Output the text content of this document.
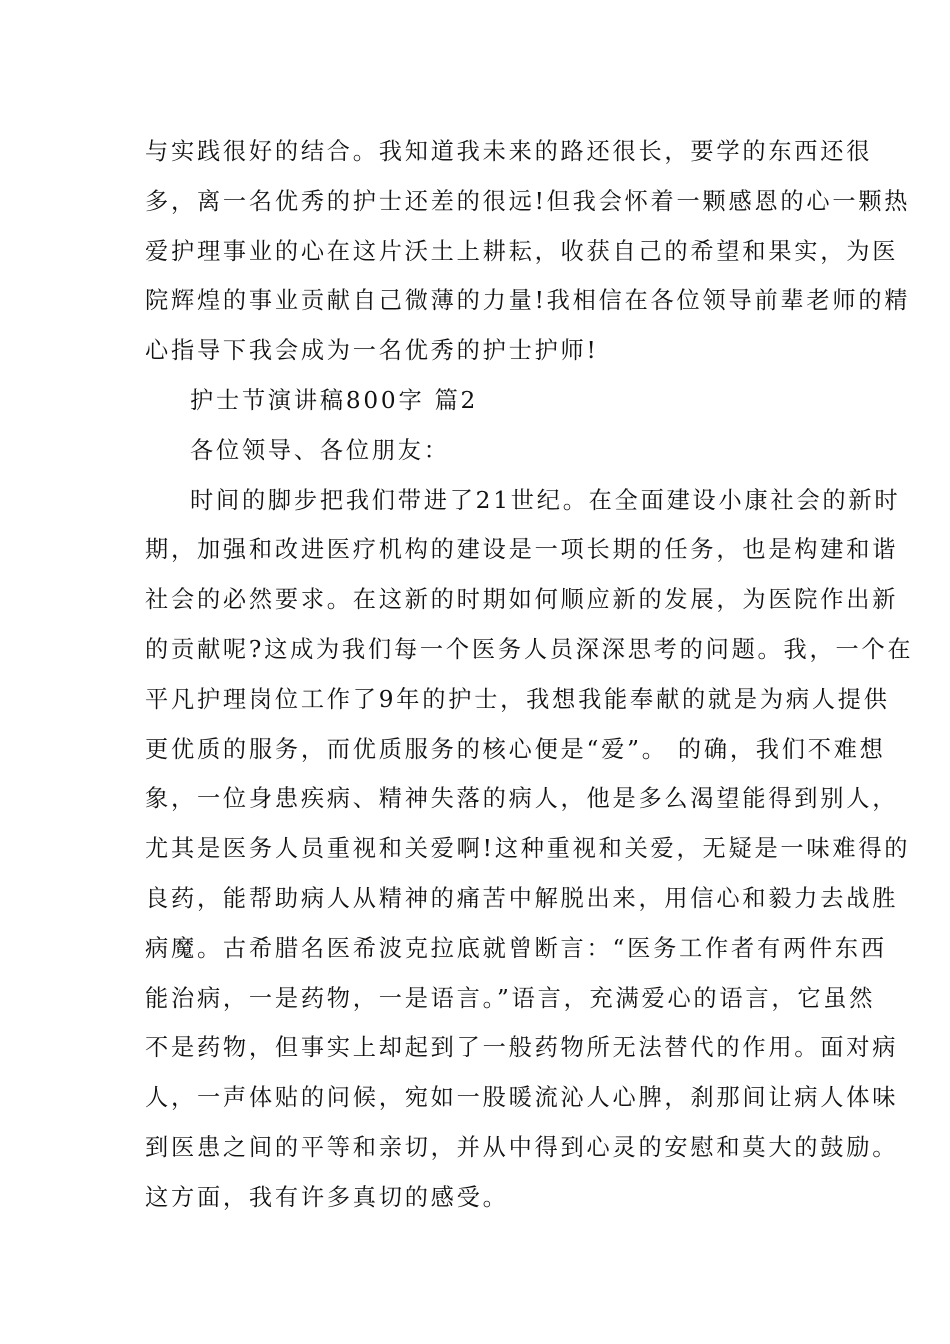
与实践很好的结合。我知道我未来的路还很长，要学的东西还很
多，离一名优秀的护士还差的很远!但我会怀着一颗感恩的心一颗热
爱护理事业的心在这片沃土上耕耘，收获自己的希望和果实，为医
院辉煌的事业贡献自己微薄的力量!我相信在各位领导前辈老师的精
心指导下我会成为一名优秀的护士护师!
护士节演讲稿800字 篇2
各位领导、各位朋友：
时间的脚步把我们带进了21世纪。在全面建设小康社会的新时
期，加强和改进医疗机构的建设是一项长期的任务，也是构建和谐
社会的必然要求。在这新的时期如何顺应新的发展，为医院作出新
的贡献呢?这成为我们每一个医务人员深深思考的问题。我，一个在
平凡护理岗位工作了9年的护士，我想我能奉献的就是为病人提供
更优质的服务，而优质服务的核心便是“爱”。 的确，我们不难想
象，一位身患疾病、精神失落的病人，他是多么渴望能得到别人，
尤其是医务人员重视和关爱啊!这种重视和关爱，无疑是一味难得的
良药，能帮助病人从精神的痛苦中解脱出来，用信心和毅力去战胜
病魔。古希腊名医希波克拉底就曾断言：“医务工作者有两件东西
能治病，一是药物，一是语言。”语言，充满爱心的语言，它虽然
不是药物，但事实上却起到了一般药物所无法替代的作用。面对病
人，一声体贴的问候，宛如一股暖流沁人心脾，刹那间让病人体味
到医患之间的平等和亲切，并从中得到心灵的安慰和莫大的鼓励。
这方面，我有许多真切的感受。
